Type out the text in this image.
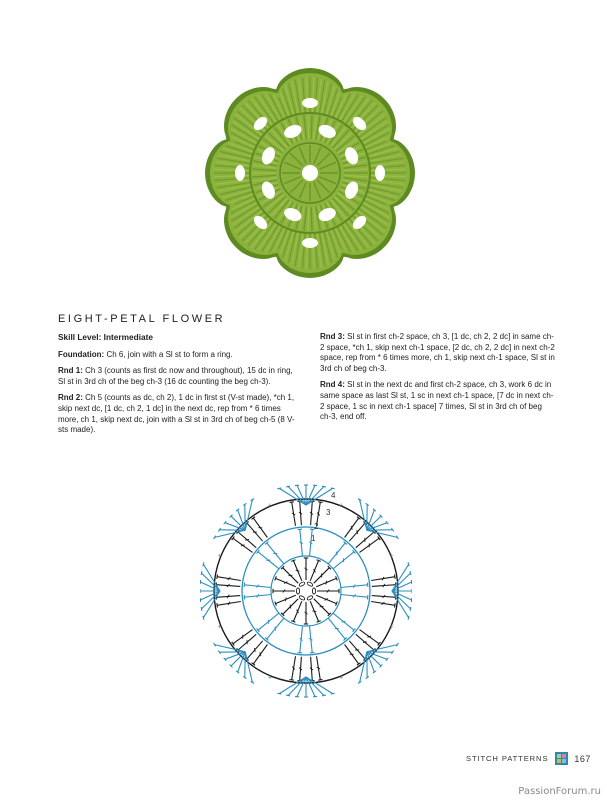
EIGHT-PETAL FLOWER

Skill Level: Intermediate

Foundation: Ch 6, join with a Sl st to form a ring.

Rnd 1: Ch 3 (counts as first dc now and throughout), 15 dc in ring, Sl st in 3rd ch of the beg ch-3 (16 dc counting the beg ch-3).

Rnd 2: Ch 5 (counts as dc, ch 2), 1 dc in first st (V-st made), *ch 1, skip next dc, [1 dc, ch 2, 1 dc] in the next dc, rep from * 6 times more, ch 1, skip next dc, join with a Sl st in 3rd ch of beg ch-5 (8 V-sts made).

Rnd 3: Sl st in first ch-2 space, ch 3, [1 dc, ch 2, 2 dc] in same ch-2 space, *ch 1, skip next ch-1 space, [2 dc, ch 2, 2 dc] in next ch-2 space, rep from * 6 times more, ch 1, skip next ch-1 space, Sl st in 3rd ch of beg ch-3.

Rnd 4: Sl st in the next dc and first ch-2 space, ch 3, work 6 dc in same space as last Sl st, 1 sc in next ch-1 space, [7 dc in next ch-2 space, 1 sc in next ch-1 space] 7 times, Sl st in 3rd ch of beg ch-3, end off.

+
+
+
+
+
+
+
+
1
2
3
4
STITCH PATTERNS	167
PassionForum.ru
